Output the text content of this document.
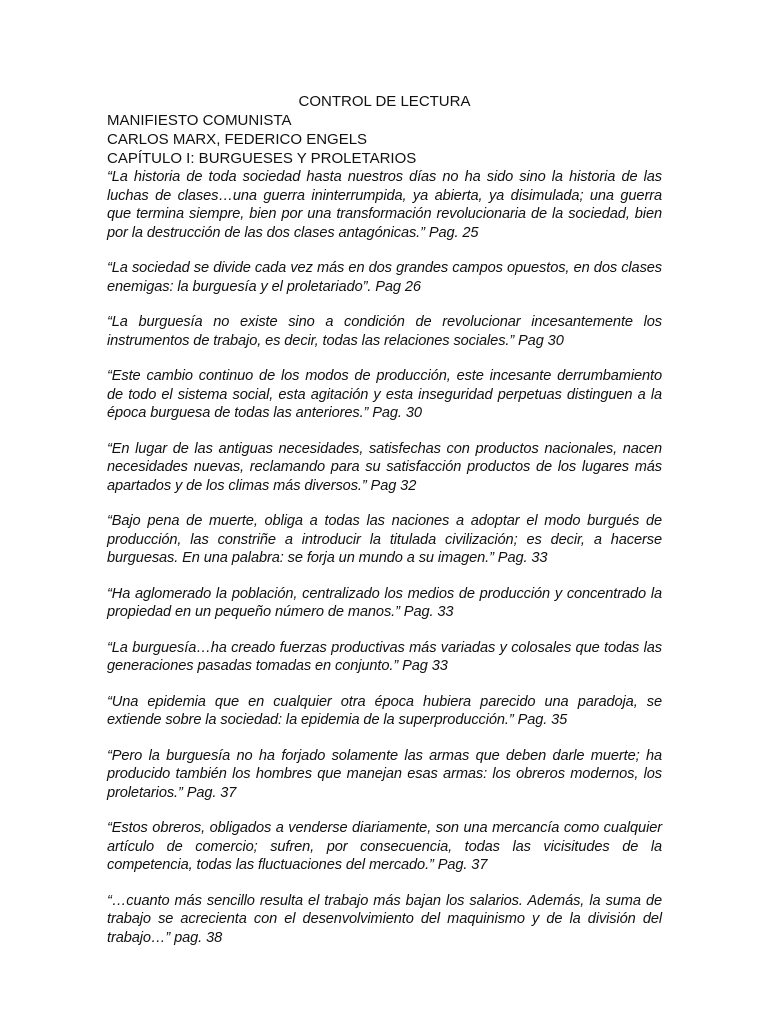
CONTROL DE LECTURA

MANIFIESTO COMUNISTA

CARLOS MARX, FEDERICO ENGELS

CAPÍTULO I: BURGUESES Y PROLETARIOS

“La historia de toda sociedad hasta nuestros días no ha sido sino la historia de las luchas de clases…una guerra ininterrumpida, ya abierta, ya disimulada; una guerra que termina siempre, bien por una transformación revolucionaria de la sociedad, bien por la destrucción de las dos clases antagónicas.” Pag. 25

“La sociedad se divide cada vez más en dos grandes campos opuestos, en dos clases enemigas: la burguesía y el proletariado”. Pag 26

“La burguesía no existe sino a condición de revolucionar incesantemente los instrumentos de trabajo, es decir, todas las relaciones sociales.” Pag 30

“Este cambio continuo de los modos de producción, este incesante derrumbamiento de todo el sistema social, esta agitación y esta inseguridad perpetuas distinguen a la época burguesa de todas las anteriores.” Pag. 30

“En lugar de las antiguas necesidades, satisfechas con productos nacionales, nacen necesidades nuevas, reclamando para su satisfacción productos de los lugares más apartados y de los climas más diversos.” Pag 32

“Bajo pena de muerte, obliga a todas las naciones a adoptar el modo burgués de producción, las constriñe a introducir la titulada civilización; es decir, a hacerse burguesas. En una palabra: se forja un mundo a su imagen.” Pag. 33

“Ha aglomerado la población, centralizado los medios de producción y concentrado la propiedad en un pequeño número de manos.” Pag. 33

“La burguesía…ha creado fuerzas productivas más variadas y colosales que todas las generaciones pasadas tomadas en conjunto.” Pag 33

“Una epidemia que en cualquier otra época hubiera parecido una paradoja, se extiende sobre la sociedad: la epidemia de la superproducción.” Pag. 35

“Pero la burguesía no ha forjado solamente las armas que deben darle muerte; ha producido también los hombres que manejan esas armas: los obreros modernos, los proletarios.” Pag. 37

“Estos obreros, obligados a venderse diariamente, son una mercancía como cualquier artículo de comercio; sufren, por consecuencia, todas las vicisitudes de la competencia, todas las fluctuaciones del mercado.” Pag. 37

“…cuanto más sencillo resulta el trabajo más bajan los salarios. Además, la suma de trabajo se acrecienta con el desenvolvimiento del maquinismo y de la división del trabajo…” pag. 38
